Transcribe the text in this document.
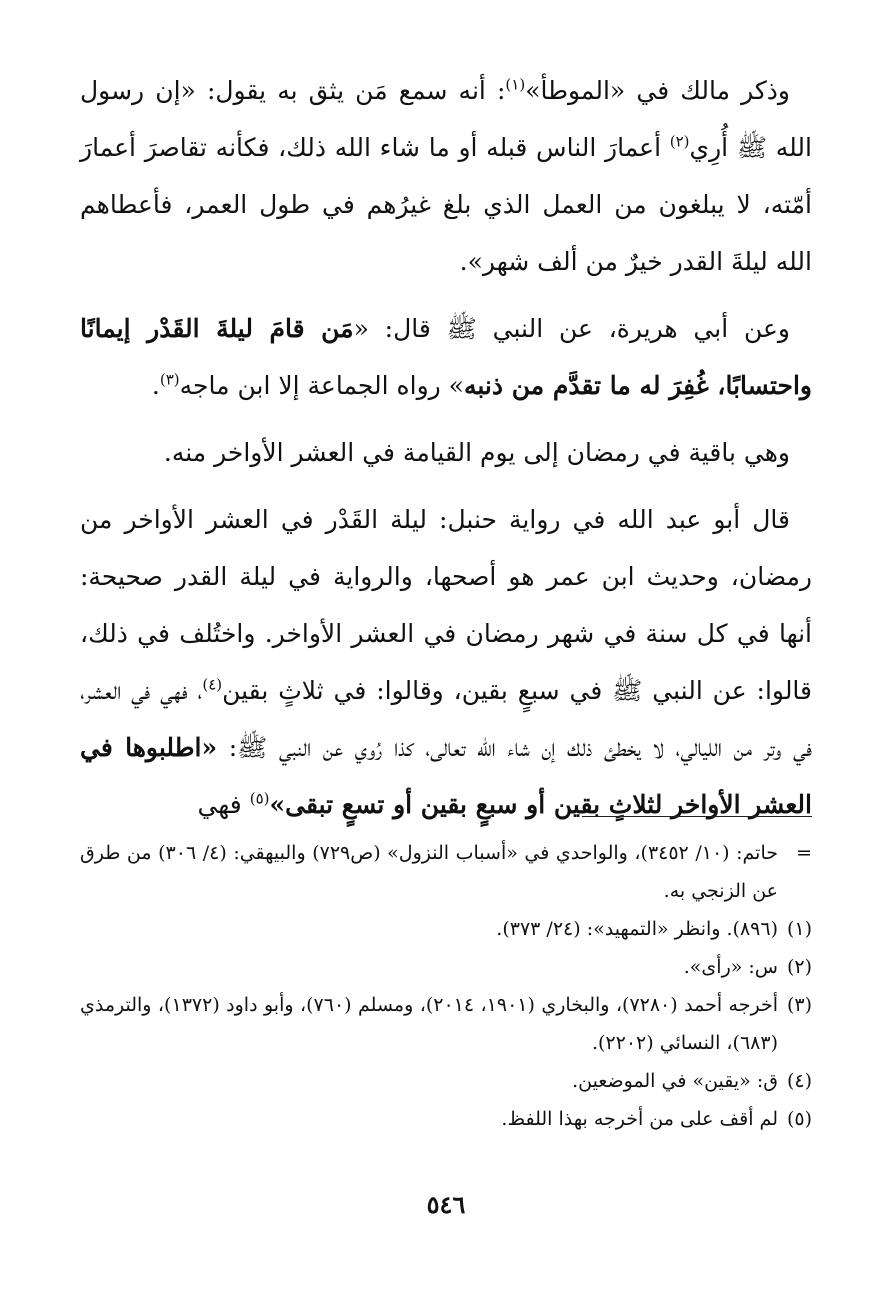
وذكر مالك في «الموطأ»$^{(١)}$: أنه سمع مَن يثق به يقول: «إن رسول الله ﷺ أُرِي$^{(٢)}$ أعمارَ الناس قبله أو ما شاء الله ذلك، فكأنه تقاصرَ أعمارَ أمّته، لا يبلغون من العمل الذي بلغ غيرُهم في طول العمر، فأعطاهم الله ليلةَ القدر خيرٌ من ألف شهر».

وعن أبي هريرة، عن النبي ﷺ قال: «مَن قامَ ليلةَ القَدْر إيمانًا واحتسابًا، غُفِرَ له ما تقدَّم من ذنبه» رواه الجماعة إلا ابن ماجه$^{(٣)}$.

وهي باقية في رمضان إلى يوم القيامة في العشر الأواخر منه.

قال أبو عبد الله في رواية حنبل: ليلة القَدْر في العشر الأواخر من رمضان، وحديث ابن عمر هو أصحها، والرواية في ليلة القدر صحيحة: أنها في كل سنة في شهر رمضان في العشر الأواخر. واختُلف في ذلك، قالوا: عن النبي ﷺ في سبعٍ بقين، وقالوا: في ثلاثٍ بقين$^{(٤)}$، فهي في العشر، في وتر من الليالي، لا يخطئ ذلك إن شاء الله تعالى، كذا رُوي عن النبي ﷺ: «اطلبوها في العشر الأواخر لثلاثٍ بقين أو سبعٍ بقين أو تسعٍ تبقى»$^{(٥)}$ فهي

=
حاتم: (١٠/ ٣٤٥٢)، والواحدي في «أسباب النزول» (ص٧٢٩) والبيهقي: (٤/ ٣٠٦) من طرق عن الزنجي به.
(١)
(٨٩٦). وانظر «التمهيد»: (٢٤/ ٣٧٣).
(٢)
س: «رأى».
(٣)
أخرجه أحمد (٧٢٨٠)، والبخاري (١٩٠١، ٢٠١٤)، ومسلم (٧٦٠)، وأبو داود (١٣٧٢)، والترمذي (٦٨٣)، النسائي (٢٢٠٢).
(٤)
ق: «يقين» في الموضعين.
(٥)
لم أقف على من أخرجه بهذا اللفظ.
٥٤٦
